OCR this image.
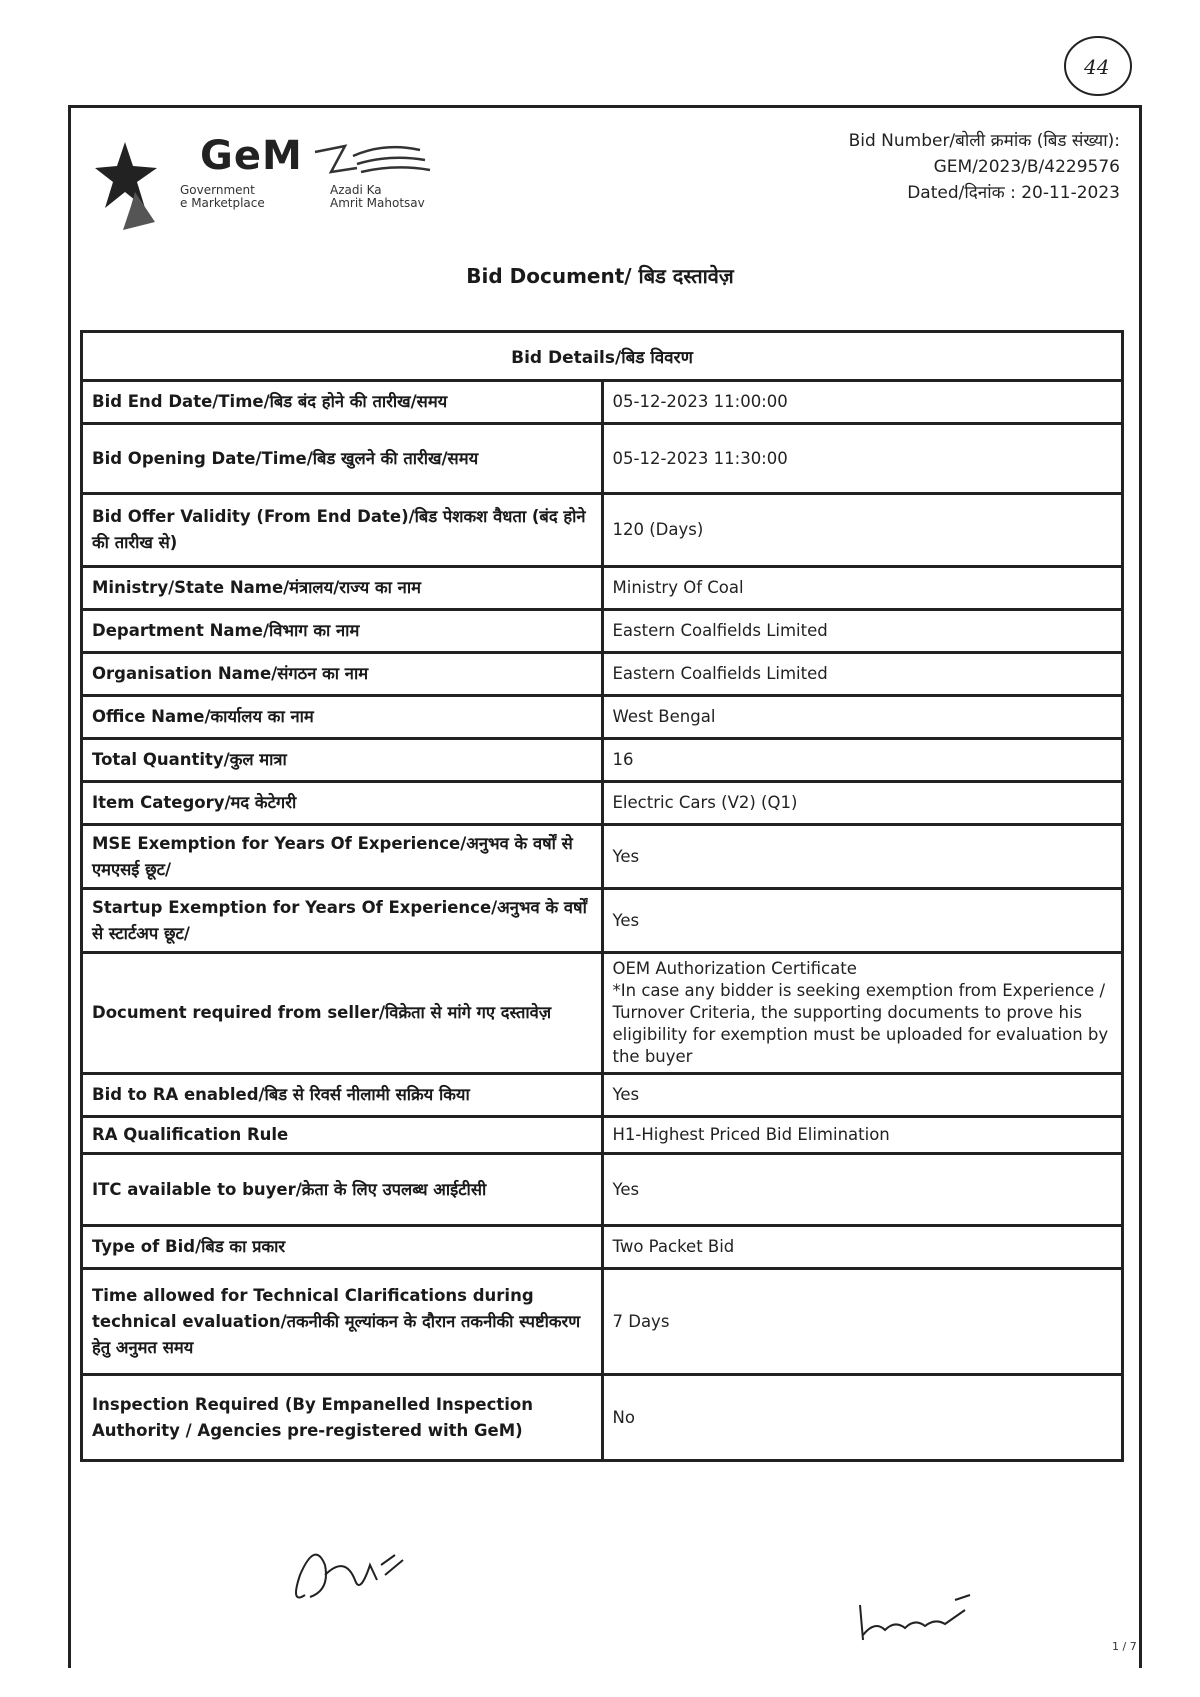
44
GeM
Government
e Marketplace
Azadi Ka
Amrit Mahotsav
Bid Number/बोली क्रमांक (बिड संख्या):
GEM/2023/B/4229576
Dated/दिनांक : 20-11-2023
Bid Document/ बिड दस्तावेज़
Bid Details/बिड विवरण	
Bid End Date/Time/बिड बंद होने की तारीख/समय	05-12-2023 11:00:00
Bid Opening Date/Time/बिड खुलने की तारीख/समय	05-12-2023 11:30:00
Bid Offer Validity (From End Date)/बिड पेशकश वैधता (बंद होने की तारीख से)	120 (Days)
Ministry/State Name/मंत्रालय/राज्य का नाम	Ministry Of Coal
Department Name/विभाग का नाम	Eastern Coalfields Limited
Organisation Name/संगठन का नाम	Eastern Coalfields Limited
Office Name/कार्यालय का नाम	West Bengal
Total Quantity/कुल मात्रा	16
Item Category/मद केटेगरी	Electric Cars (V2) (Q1)
MSE Exemption for Years Of Experience/अनुभव के वर्षों से एमएसई छूट/	Yes
Startup Exemption for Years Of Experience/अनुभव के वर्षों से स्टार्टअप छूट/	Yes
Document required from seller/विक्रेता से मांगे गए दस्तावेज़	OEM Authorization Certificate
*In case any bidder is seeking exemption from Experience / Turnover Criteria, the supporting documents to prove his eligibility for exemption must be uploaded for evaluation by the buyer
Bid to RA enabled/बिड से रिवर्स नीलामी सक्रिय किया	Yes
RA Qualification Rule	H1-Highest Priced Bid Elimination
ITC available to buyer/क्रेता के लिए उपलब्ध आईटीसी	Yes
Type of Bid/बिड का प्रकार	Two Packet Bid
Time allowed for Technical Clarifications during technical evaluation/तकनीकी मूल्यांकन के दौरान तकनीकी स्पष्टीकरण हेतु अनुमत समय	7 Days
Inspection Required (By Empanelled Inspection Authority / Agencies pre-registered with GeM)	No
1 / 7
